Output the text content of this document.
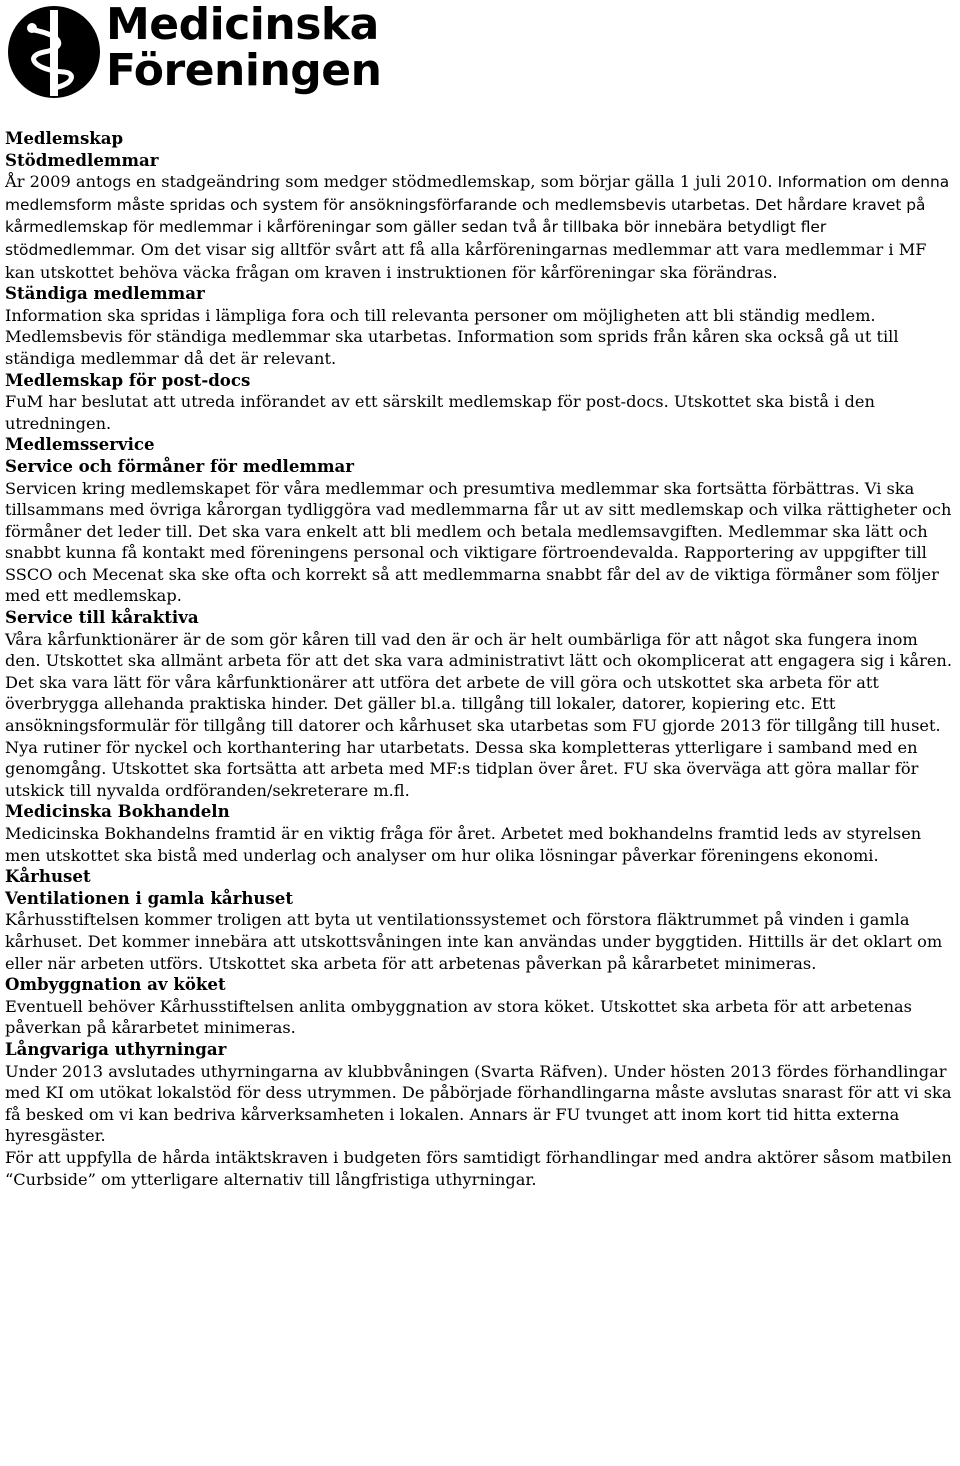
Medicinska
Föreningen

Medlemskap

Stödmedlemmar

År 2009 antogs en stadgeändring som medger stödmedlemskap, som börjar gälla 1 juli 2010. Information om denna medlemsform måste spridas och system för ansökningsförfarande och medlemsbevis utarbetas. Det hårdare kravet på kårmedlemskap för medlemmar i kårföreningar som gäller sedan två år tillbaka bör innebära betydligt fler stödmedlemmar. Om det visar sig alltför svårt att få alla kårföreningarnas medlemmar att vara medlemmar i MF kan utskottet behöva väcka frågan om kraven i instruktionen för kårföreningar ska förändras.

Ständiga medlemmar

Information ska spridas i lämpliga fora och till relevanta personer om möjligheten att bli ständig medlem. Medlemsbevis för ständiga medlemmar ska utarbetas. Information som sprids från kåren ska också gå ut till ständiga medlemmar då det är relevant.

Medlemskap för post-docs

FuM har beslutat att utreda införandet av ett särskilt medlemskap för post-docs. Utskottet ska bistå i den utredningen.

Medlemsservice

Service och förmåner för medlemmar

Servicen kring medlemskapet för våra medlemmar och presumtiva medlemmar ska fortsätta förbättras. Vi ska tillsammans med övriga kårorgan tydliggöra vad medlemmarna får ut av sitt medlemskap och vilka rättigheter och förmåner det leder till. Det ska vara enkelt att bli medlem och betala medlemsavgiften. Medlemmar ska lätt och snabbt kunna få kontakt med föreningens personal och viktigare förtroendevalda. Rapportering av uppgifter till SSCO och Mecenat ska ske ofta och korrekt så att medlemmarna snabbt får del av de viktiga förmåner som följer med ett medlemskap.

Service till kåraktiva

Våra kårfunktionärer är de som gör kåren till vad den är och är helt oumbärliga för att något ska fungera inom den. Utskottet ska allmänt arbeta för att det ska vara administrativt lätt och okomplicerat att engagera sig i kåren. Det ska vara lätt för våra kårfunktionärer att utföra det arbete de vill göra och utskottet ska arbeta för att överbrygga allehanda praktiska hinder. Det gäller bl.a. tillgång till lokaler, datorer, kopiering etc. Ett ansökningsformulär för tillgång till datorer och kårhuset ska utarbetas som FU gjorde 2013 för tillgång till huset. Nya rutiner för nyckel och korthantering har utarbetats. Dessa ska kompletteras ytterligare i samband med en genomgång. Utskottet ska fortsätta att arbeta med MF:s tidplan över året. FU ska överväga att göra mallar för utskick till nyvalda ordföranden/sekreterare m.fl.

Medicinska Bokhandeln

Medicinska Bokhandelns framtid är en viktig fråga för året. Arbetet med bokhandelns framtid leds av styrelsen men utskottet ska bistå med underlag och analyser om hur olika lösningar påverkar föreningens ekonomi.

Kårhuset

Ventilationen i gamla kårhuset

Kårhusstiftelsen kommer troligen att byta ut ventilationssystemet och förstora fläktrummet på vinden i gamla kårhuset. Det kommer innebära att utskottsvåningen inte kan användas under byggtiden. Hittills är det oklart om eller när arbeten utförs. Utskottet ska arbeta för att arbetenas påverkan på kårarbetet minimeras.

Ombyggnation av köket

Eventuell behöver Kårhusstiftelsen anlita ombyggnation av stora köket. Utskottet ska arbeta för att arbetenas påverkan på kårarbetet minimeras.

Långvariga uthyrningar

Under 2013 avslutades uthyrningarna av klubbvåningen (Svarta Räfven). Under hösten 2013 fördes förhandlingar med KI om utökat lokalstöd för dess utrymmen. De påbörjade förhandlingarna måste avslutas snarast för att vi ska få besked om vi kan bedriva kårverksamheten i lokalen. Annars är FU tvunget att inom kort tid hitta externa hyresgäster.

För att uppfylla de hårda intäktskraven i budgeten förs samtidigt förhandlingar med andra aktörer såsom matbilen “Curbside” om ytterligare alternativ till långfristiga uthyrningar.
